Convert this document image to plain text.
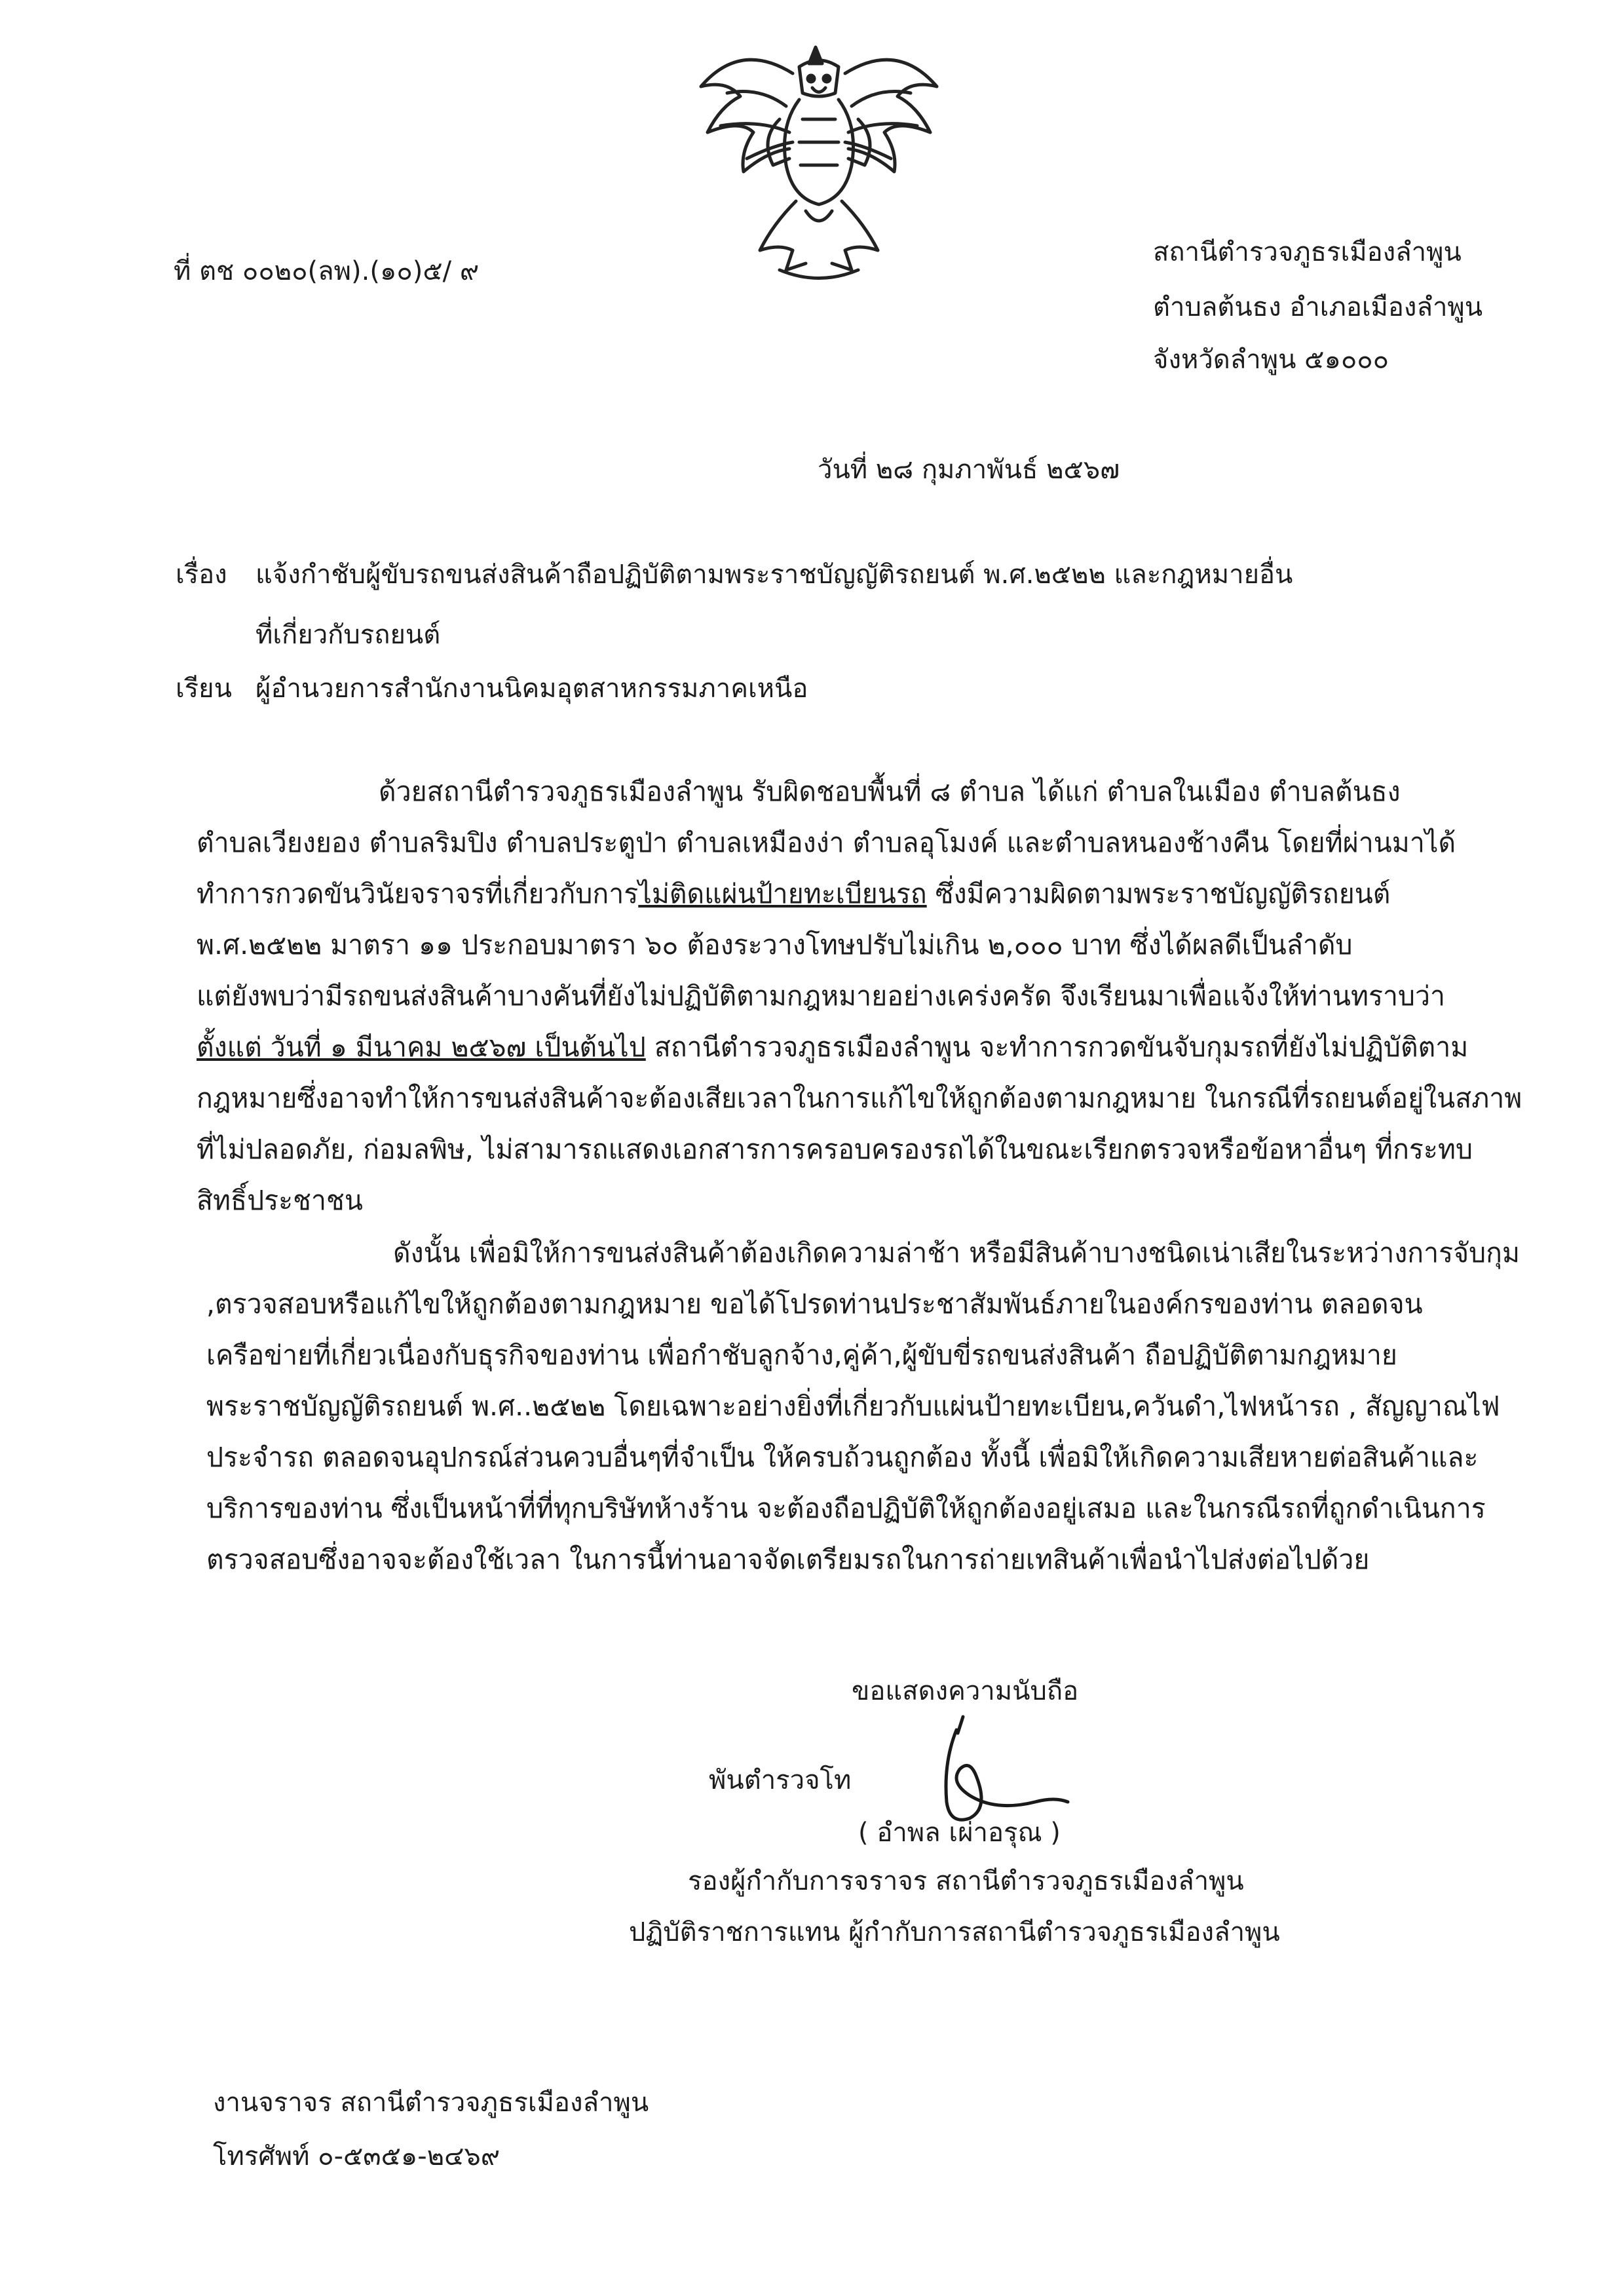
ที่ ตช ๐๐๒๐(ลพ).(๑๐)๕/ ๙
สถานีตำรวจภูธรเมืองลำพูน
ตำบลต้นธง อำเภอเมืองลำพูน
จังหวัดลำพูน ๕๑๐๐๐
วันที่ ๒๘ กุมภาพันธ์ ๒๕๖๗
เรื่อง แจ้งกำชับผู้ขับรถขนส่งสินค้าถือปฏิบัติตามพระราชบัญญัติรถยนต์ พ.ศ.๒๕๒๒ และกฎหมายอื่น
ที่เกี่ยวกับรถยนต์
เรียน ผู้อำนวยการสำนักงานนิคมอุตสาหกรรมภาคเหนือ
ด้วยสถานีตำรวจภูธรเมืองลำพูน รับผิดชอบพื้นที่ ๘ ตำบล ได้แก่ ตำบลในเมือง ตำบลต้นธง
ตำบลเวียงยอง ตำบลริมปิง ตำบลประตูป่า ตำบลเหมืองง่า ตำบลอุโมงค์ และตำบลหนองช้างคืน โดยที่ผ่านมาได้
ทำการกวดขันวินัยจราจรที่เกี่ยวกับการไม่ติดแผ่นป้ายทะเบียนรถ ซึ่งมีความผิดตามพระราชบัญญัติรถยนต์
พ.ศ.๒๕๒๒ มาตรา ๑๑ ประกอบมาตรา ๖๐ ต้องระวางโทษปรับไม่เกิน ๒,๐๐๐ บาท ซึ่งได้ผลดีเป็นลำดับ
แต่ยังพบว่ามีรถขนส่งสินค้าบางคันที่ยังไม่ปฏิบัติตามกฎหมายอย่างเคร่งครัด จึงเรียนมาเพื่อแจ้งให้ท่านทราบว่า
ตั้งแต่ วันที่ ๑ มีนาคม ๒๕๖๗ เป็นต้นไป สถานีตำรวจภูธรเมืองลำพูน จะทำการกวดขันจับกุมรถที่ยังไม่ปฏิบัติตาม
กฎหมายซึ่งอาจทำให้การขนส่งสินค้าจะต้องเสียเวลาในการแก้ไขให้ถูกต้องตามกฎหมาย ในกรณีที่รถยนต์อยู่ในสภาพ
ที่ไม่ปลอดภัย, ก่อมลพิษ, ไม่สามารถแสดงเอกสารการครอบครองรถได้ในขณะเรียกตรวจหรือข้อหาอื่นๆ ที่กระทบ
สิทธิ์ประชาชน
ดังนั้น เพื่อมิให้การขนส่งสินค้าต้องเกิดความล่าช้า หรือมีสินค้าบางชนิดเน่าเสียในระหว่างการจับกุม
,ตรวจสอบหรือแก้ไขให้ถูกต้องตามกฎหมาย ขอได้โปรดท่านประชาสัมพันธ์ภายในองค์กรของท่าน ตลอดจน
เครือข่ายที่เกี่ยวเนื่องกับธุรกิจของท่าน เพื่อกำชับลูกจ้าง,คู่ค้า,ผู้ขับขี่รถขนส่งสินค้า ถือปฏิบัติตามกฎหมาย
พระราชบัญญัติรถยนต์ พ.ศ..๒๕๒๒ โดยเฉพาะอย่างยิ่งที่เกี่ยวกับแผ่นป้ายทะเบียน,ควันดำ,ไฟหน้ารถ , สัญญาณไฟ
ประจำรถ ตลอดจนอุปกรณ์ส่วนควบอื่นๆที่จำเป็น ให้ครบถ้วนถูกต้อง ทั้งนี้ เพื่อมิให้เกิดความเสียหายต่อสินค้าและ
บริการของท่าน ซึ่งเป็นหน้าที่ที่ทุกบริษัทห้างร้าน จะต้องถือปฏิบัติให้ถูกต้องอยู่เสมอ และในกรณีรถที่ถูกดำเนินการ
ตรวจสอบซึ่งอาจจะต้องใช้เวลา ในการนี้ท่านอาจจัดเตรียมรถในการถ่ายเทสินค้าเพื่อนำไปส่งต่อไปด้วย
ขอแสดงความนับถือ
พันตำรวจโท
( อำพล เผ่าอรุณ )
รองผู้กำกับการจราจร สถานีตำรวจภูธรเมืองลำพูน
ปฏิบัติราชการแทน ผู้กำกับการสถานีตำรวจภูธรเมืองลำพูน
งานจราจร สถานีตำรวจภูธรเมืองลำพูน
โทรศัพท์ ๐-๕๓๕๑-๒๔๖๙
